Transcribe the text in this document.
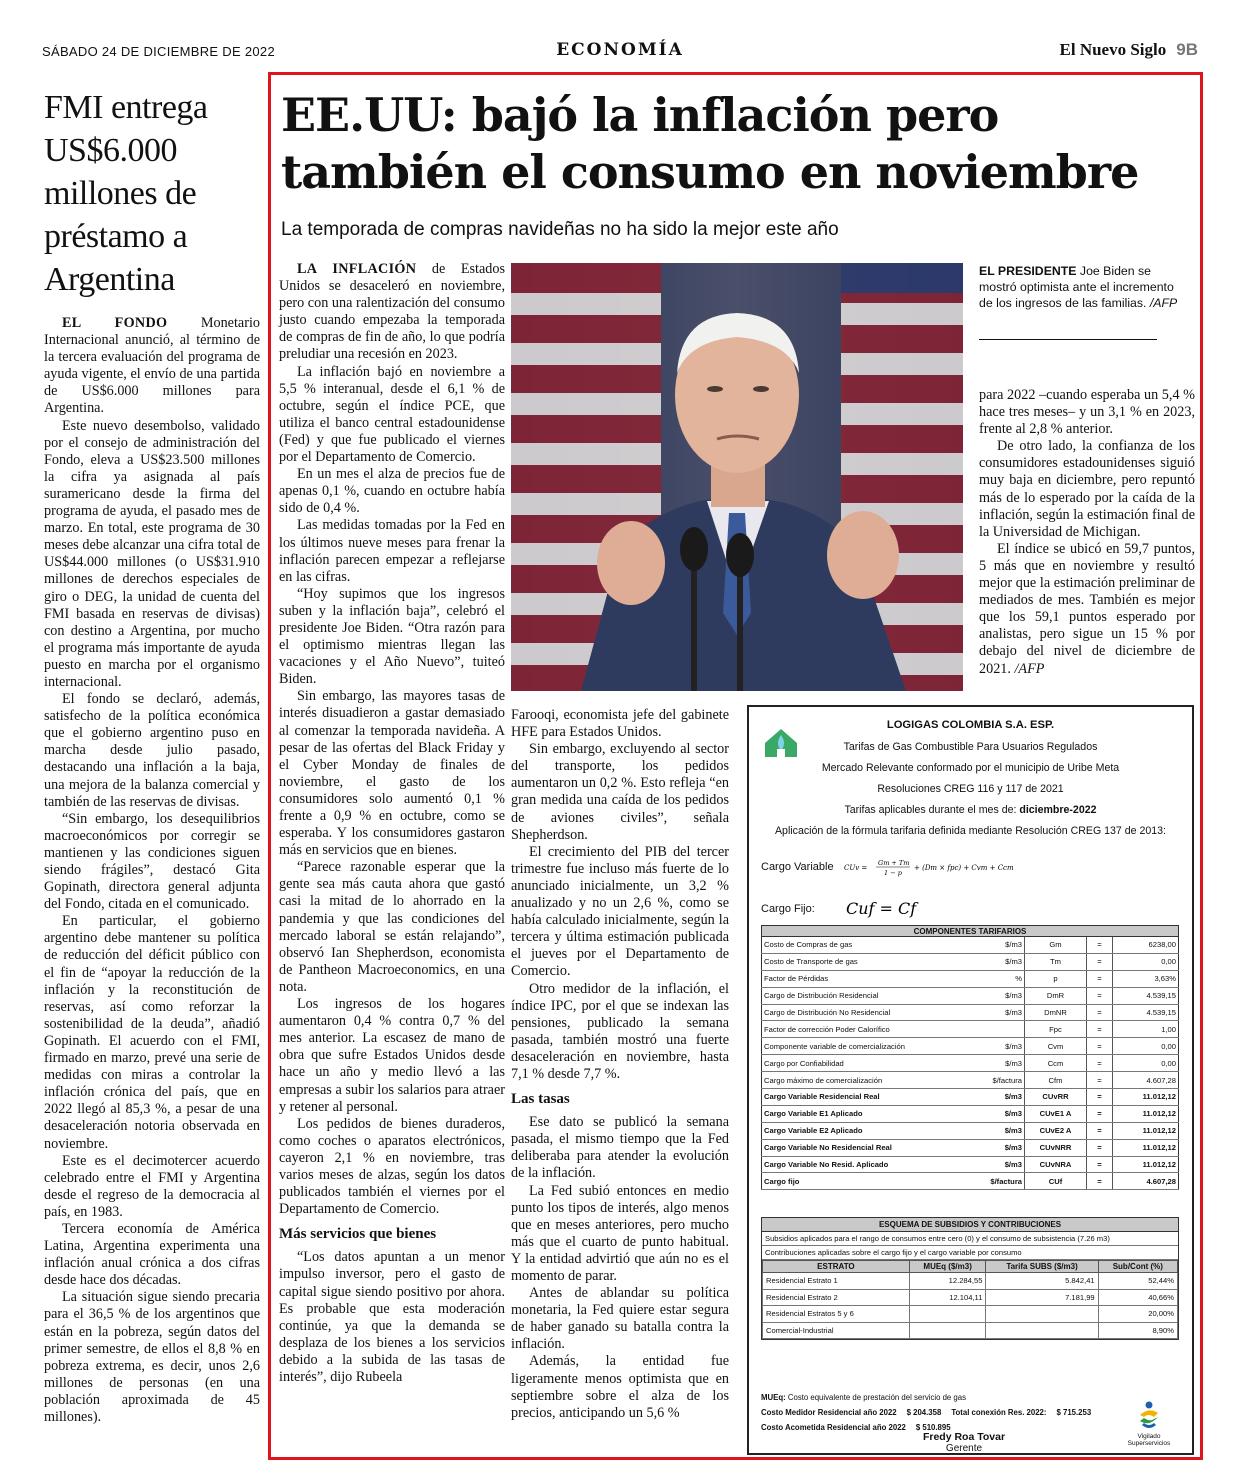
SÁBADO 24 DE DICIEMBRE DE 2022	ECONOMÍA	El Nuevo Siglo 9B
FMI entrega US$6.000 millones de préstamo a Argentina

EL FONDO Monetario Internacional anunció, al término de la tercera evaluación del programa de ayuda vigente, el envío de una partida de US$6.000 millones para Argentina.

Este nuevo desembolso, validado por el consejo de administración del Fondo, eleva a US$23.500 millones la cifra ya asignada al país suramericano desde la firma del programa de ayuda, el pasado mes de marzo. En total, este programa de 30 meses debe alcanzar una cifra total de US$44.000 millones (o US$31.910 millones de derechos especiales de giro o DEG, la unidad de cuenta del FMI basada en reservas de divisas) con destino a Argentina, por mucho el programa más importante de ayuda puesto en marcha por el organismo internacional.

El fondo se declaró, además, satisfecho de la política económica que el gobierno argentino puso en marcha desde julio pasado, destacando una inflación a la baja, una mejora de la balanza comercial y también de las reservas de divisas.

“Sin embargo, los desequilibrios macroeconómicos por corregir se mantienen y las condiciones siguen siendo frágiles”, destacó Gita Gopinath, directora general adjunta del Fondo, citada en el comunicado.

En particular, el gobierno argentino debe mantener su política de reducción del déficit público con el fin de “apoyar la reducción de la inflación y la reconstitución de reservas, así como reforzar la sostenibilidad de la deuda”, añadió Gopinath. El acuerdo con el FMI, firmado en marzo, prevé una serie de medidas con miras a controlar la inflación crónica del país, que en 2022 llegó al 85,3 %, a pesar de una desaceleración notoria observada en noviembre.

Este es el decimotercer acuerdo celebrado entre el FMI y Argentina desde el regreso de la democracia al país, en 1983.

Tercera economía de América Latina, Argentina experimenta una inflación anual crónica a dos cifras desde hace dos décadas.

La situación sigue siendo precaria para el 36,5 % de los argentinos que están en la pobreza, según datos del primer semestre, de ellos el 8,8 % en pobreza extrema, es decir, unos 2,6 millones de personas (en una población aproximada de 45 millones).

EE.UU: bajó la inflación pero también el consumo en noviembre
La temporada de compras navideñas no ha sido la mejor este año

LA INFLACIÓN de Estados Unidos se desaceleró en noviembre, pero con una ralentización del consumo justo cuando empezaba la temporada de compras de fin de año, lo que podría preludiar una recesión en 2023.

La inflación bajó en noviembre a 5,5 % interanual, desde el 6,1 % de octubre, según el índice PCE, que utiliza el banco central estadounidense (Fed) y que fue publicado el viernes por el Departamento de Comercio.

En un mes el alza de precios fue de apenas 0,1 %, cuando en octubre había sido de 0,4 %.

Las medidas tomadas por la Fed en los últimos nueve meses para frenar la inflación parecen empezar a reflejarse en las cifras.

“Hoy supimos que los ingresos suben y la inflación baja”, celebró el presidente Joe Biden. “Otra razón para el optimismo mientras llegan las vacaciones y el Año Nuevo”, tuiteó Biden.

Sin embargo, las mayores tasas de interés disuadieron a gastar demasiado al comenzar la temporada navideña. A pesar de las ofertas del Black Friday y el Cyber Monday de finales de noviembre, el gasto de los consumidores solo aumentó 0,1 % frente a 0,9 % en octubre, como se esperaba. Y los consumidores gastaron más en servicios que en bienes.

“Parece razonable esperar que la gente sea más cauta ahora que gastó casi la mitad de lo ahorrado en la pandemia y que las condiciones del mercado laboral se están relajando”, observó Ian Shepherdson, economista de Pantheon Macroeconomics, en una nota.

Los ingresos de los hogares aumentaron 0,4 % contra 0,7 % del mes anterior. La escasez de mano de obra que sufre Estados Unidos desde hace un año y medio llevó a las empresas a subir los salarios para atraer y retener al personal.

Los pedidos de bienes duraderos, como coches o aparatos electrónicos, cayeron 2,1 % en noviembre, tras varios meses de alzas, según los datos publicados también el viernes por el Departamento de Comercio.

Más servicios que bienes

“Los datos apuntan a un menor impulso inversor, pero el gasto de capital sigue siendo positivo por ahora. Es probable que esta moderación continúe, ya que la demanda se desplaza de los bienes a los servicios debido a la subida de las tasas de interés”, dijo Rubeela

EL PRESIDENTE Joe Biden se mostró optimista ante el incremento de los ingresos de las familias. /AFP

para 2022 –cuando esperaba un 5,4 % hace tres meses– y un 3,1 % en 2023, frente al 2,8 % anterior.

De otro lado, la confianza de los consumidores estadounidenses siguió muy baja en diciembre, pero repuntó más de lo esperado por la caída de la inflación, según la estimación final de la Universidad de Michigan.

El índice se ubicó en 59,7 puntos, 5 más que en noviembre y resultó mejor que la estimación preliminar de mediados de mes. También es mejor que los 59,1 puntos esperado por analistas, pero sigue un 15 % por debajo del nivel de diciembre de 2021. /AFP

Farooqi, economista jefe del gabinete HFE para Estados Unidos.

Sin embargo, excluyendo al sector del transporte, los pedidos aumentaron un 0,2 %. Esto refleja “en gran medida una caída de los pedidos de aviones civiles”, señala Shepherdson.

El crecimiento del PIB del tercer trimestre fue incluso más fuerte de lo anunciado inicialmente, un 3,2 % anualizado y no un 2,6 %, como se había calculado inicialmente, según la tercera y última estimación publicada el jueves por el Departamento de Comercio.

Otro medidor de la inflación, el índice IPC, por el que se indexan las pensiones, publicado la semana pasada, también mostró una fuerte desaceleración en noviembre, hasta 7,1 % desde 7,7 %.

Las tasas

Ese dato se publicó la semana pasada, el mismo tiempo que la Fed deliberaba para atender la evolución de la inflación.

La Fed subió entonces en medio punto los tipos de interés, algo menos que en meses anteriores, pero mucho más que el cuarto de punto habitual. Y la entidad advirtió que aún no es el momento de parar.

Antes de ablandar su política monetaria, la Fed quiere estar segura de haber ganado su batalla contra la inflación.

Además, la entidad fue ligeramente menos optimista que en septiembre sobre el alza de los precios, anticipando un 5,6 %

LOGIGAS COLOMBIA S.A. ESP.
Tarifas de Gas Combustible Para Usuarios Regulados
Mercado Relevante conformado por el municipio de Uribe Meta
Resoluciones CREG 116 y 117 de 2021
Tarifas aplicables durante el mes de: diciembre-2022
Aplicación de la fórmula tarifaria definida mediante Resolución CREG 137 de 2013:
Cargo Variable CUv =
Gm + Tm
1 − p
+ (Dm × fpc) + Cvm + Ccm
Cargo Fijo: Cuf = Cf
COMPONENTES TARIFARIOS				
Costo de Compras de gas	$/m3	Gm	=	6238,00
Costo de Transporte de gas	$/m3	Tm	=	0,00
Factor de Pérdidas	%	p	=	3,63%
Cargo de Distribución Residencial	$/m3	DmR	=	4.539,15
Cargo de Distribución No Residencial	$/m3	DmNR	=	4.539,15
Factor de corrección Poder Calorífico		Fpc	=	1,00
Componente variable de comercialización	$/m3	Cvm	=	0,00
Cargo por Confiabilidad	$/m3	Ccm	=	0,00
Cargo máximo de comercialización	$/factura	Cfm	=	4.607,28
Cargo Variable Residencial Real	$/m3	CUvRR	=	11.012,12
Cargo Variable E1 Aplicado	$/m3	CUvE1 A	=	11.012,12
Cargo Variable E2 Aplicado	$/m3	CUvE2 A	=	11.012,12
Cargo Variable No Residencial Real	$/m3	CUvNRR	=	11.012,12
Cargo Variable No Resid. Aplicado	$/m3	CUvNRA	=	11.012,12
Cargo fijo	$/factura	CUf	=	4.607,28
ESQUEMA DE SUBSIDIOS Y CONTRIBUCIONES
Subsidios aplicados para el rango de consumos entre cero (0) y el consumo de subsistencia (7.26 m3)
Contribuciones aplicadas sobre el cargo fijo y el cargo variable por consumo
ESTRATO	MUEq ($/m3)	Tarifa SUBS ($/m3)	Sub/Cont (%)
Residencial Estrato 1	12.284,55	5.842,41	52,44%
Residencial Estrato 2	12.104,11	7.181,99	40,66%
Residencial Estratos 5 y 6			20,00%
Comercial-Industrial			8,90%
MUEq: Costo equivalente de prestación del servicio de gas
Costo Medidor Residencial año 2022 $ 204.358 Total conexión Res. 2022: $ 715.253
Costo Acometida Residencial año 2022 $ 510.895
Fredy Roa Tovar
Gerente
Vigilado
Superservicios
